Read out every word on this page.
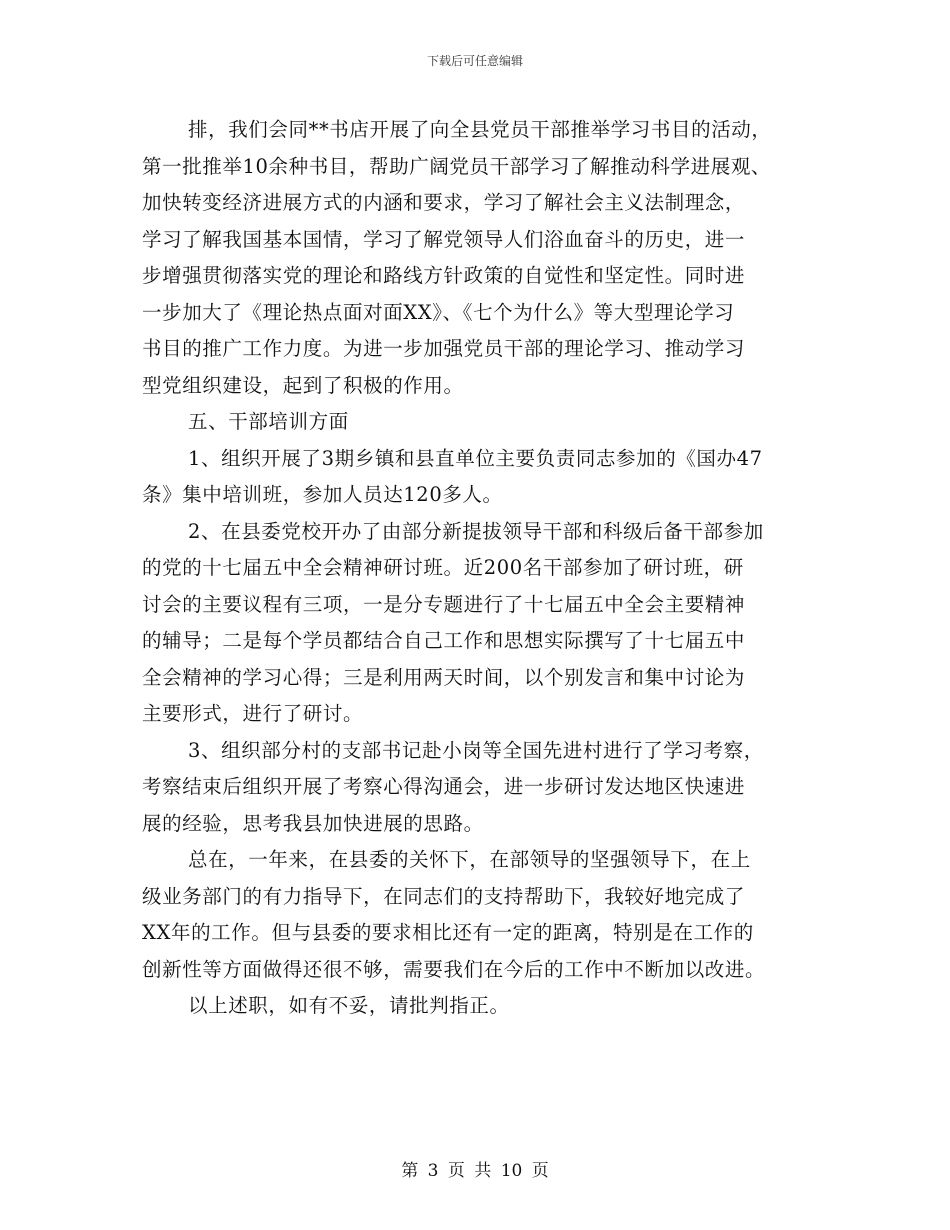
下载后可任意编辑
排，我们会同**书店开展了向全县党员干部推举学习书目的活动，
第一批推举10余种书目，帮助广阔党员干部学习了解推动科学进展观、
加快转变经济进展方式的内涵和要求，学习了解社会主义法制理念，
学习了解我国基本国情，学习了解党领导人们浴血奋斗的历史，进一
步增强贯彻落实党的理论和路线方针政策的自觉性和坚定性。同时进
一步加大了《理论热点面对面XX》、《七个为什么》等大型理论学习
书目的推广工作力度。为进一步加强党员干部的理论学习、推动学习
型党组织建设，起到了积极的作用。
五、干部培训方面
1、组织开展了3期乡镇和县直单位主要负责同志参加的《国办47
条》集中培训班，参加人员达120多人。
2、在县委党校开办了由部分新提拔领导干部和科级后备干部参加
的党的十七届五中全会精神研讨班。近200名干部参加了研讨班，研
讨会的主要议程有三项，一是分专题进行了十七届五中全会主要精神
的辅导；二是每个学员都结合自己工作和思想实际撰写了十七届五中
全会精神的学习心得；三是利用两天时间，以个别发言和集中讨论为
主要形式，进行了研讨。
3、组织部分村的支部书记赴小岗等全国先进村进行了学习考察，
考察结束后组织开展了考察心得沟通会，进一步研讨发达地区快速进
展的经验，思考我县加快进展的思路。
总在，一年来，在县委的关怀下，在部领导的坚强领导下，在上
级业务部门的有力指导下，在同志们的支持帮助下，我较好地完成了
XX年的工作。但与县委的要求相比还有一定的距离，特别是在工作的
创新性等方面做得还很不够，需要我们在今后的工作中不断加以改进。
以上述职，如有不妥，请批判指正。
第 3 页 共 10 页
